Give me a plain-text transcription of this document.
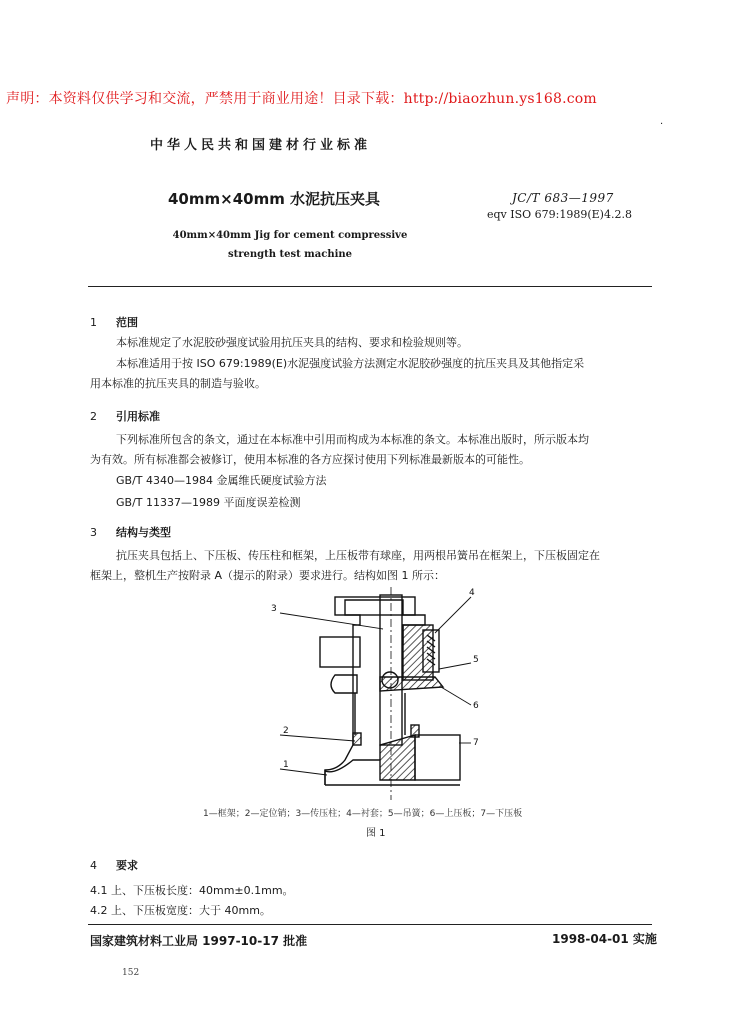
声明：本资料仅供学习和交流，严禁用于商业用途！目录下载：http://biaozhun.ys168.com
·
中华人民共和国建材行业标准
40mm×40mm 水泥抗压夹具	JC/T 683—1997
eqv ISO 679:1989(E)4.2.8
40mm×40mm Jig for cement compressive
strength test machine
1 范围
本标准规定了水泥胶砂强度试验用抗压夹具的结构、要求和检验规则等。
本标准适用于按 ISO 679:1989(E)水泥强度试验方法测定水泥胶砂强度的抗压夹具及其他指定采
用本标准的抗压夹具的制造与验收。
2 引用标准
下列标准所包含的条文，通过在本标准中引用而构成为本标准的条文。本标准出版时，所示版本均
为有效。所有标准都会被修订，使用本标准的各方应探讨使用下列标准最新版本的可能性。
GB/T 4340—1984 金属维氏硬度试验方法
GB/T 11337—1989 平面度误差检测
3 结构与类型
抗压夹具包括上、下压板、传压柱和框架，上压板带有球座，用两根吊簧吊在框架上，下压板固定在
框架上，整机生产按附录 A（提示的附录）要求进行。结构如图 1 所示：
3
4
5
6
2
7
1
1—框架；2—定位销；3—传压柱；4—衬套；5—吊簧；6—上压板；7—下压板
图 1
4 要求
4.1 上、下压板长度：40mm±0.1mm。
4.2 上、下压板宽度：大于 40mm。
国家建筑材料工业局 1997-10-17 批准	1998-04-01 实施
152
